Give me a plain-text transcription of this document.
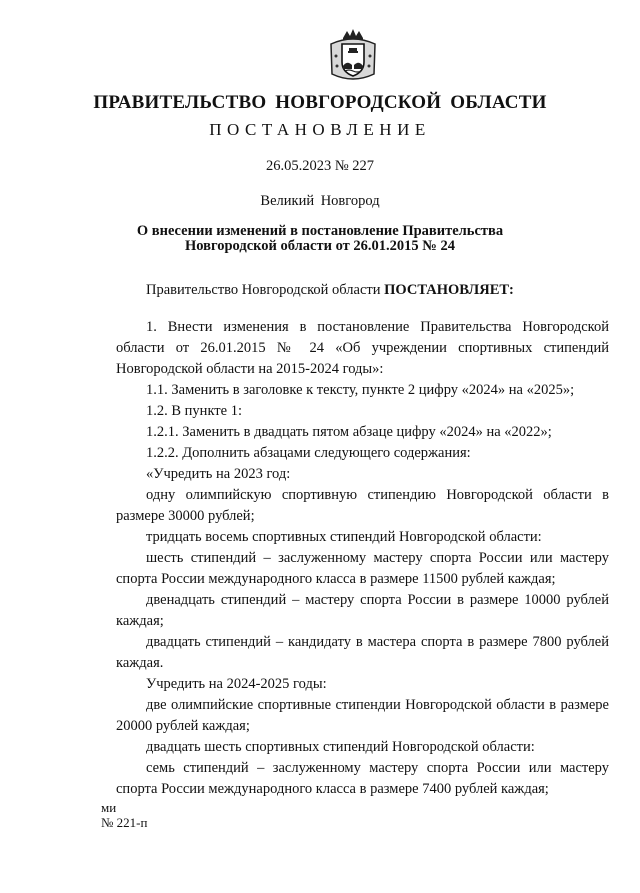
ПРАВИТЕЛЬСТВО НОВГОРОДСКОЙ ОБЛАСТИ
ПОСТАНОВЛЕНИЕ
26.05.2023 № 227
Великий Новгород
О внесении изменений в постановление Правительства
Новгородской области от 26.01.2015 № 24

Правительство Новгородской области ПОСТАНОВЛЯЕТ:

1. Внести изменения в постановление Правительства Новгородской области от 26.01.2015 № 24 «Об учреждении спортивных стипендий Новгородской области на 2015-2024 годы»:

1.1. Заменить в заголовке к тексту, пункте 2 цифру «2024» на «2025»;

1.2. В пункте 1:

1.2.1. Заменить в двадцать пятом абзаце цифру «2024» на «2022»;

1.2.2. Дополнить абзацами следующего содержания:

«Учредить на 2023 год:

одну олимпийскую спортивную стипендию Новгородской области в размере 30000 рублей;

тридцать восемь спортивных стипендий Новгородской области:

шесть стипендий – заслуженному мастеру спорта России или мастеру спорта России международного класса в размере 11500 рублей каждая;

двенадцать стипендий – мастеру спорта России в размере 10000 рублей каждая;

двадцать стипендий – кандидату в мастера спорта в размере 7800 рублей каждая.

Учредить на 2024-2025 годы:

две олимпийские спортивные стипендии Новгородской области в размере 20000 рублей каждая;

двадцать шесть спортивных стипендий Новгородской области:

семь стипендий – заслуженному мастеру спорта России или мастеру спорта России международного класса в размере 7400 рублей каждая;

ми
№ 221-п
